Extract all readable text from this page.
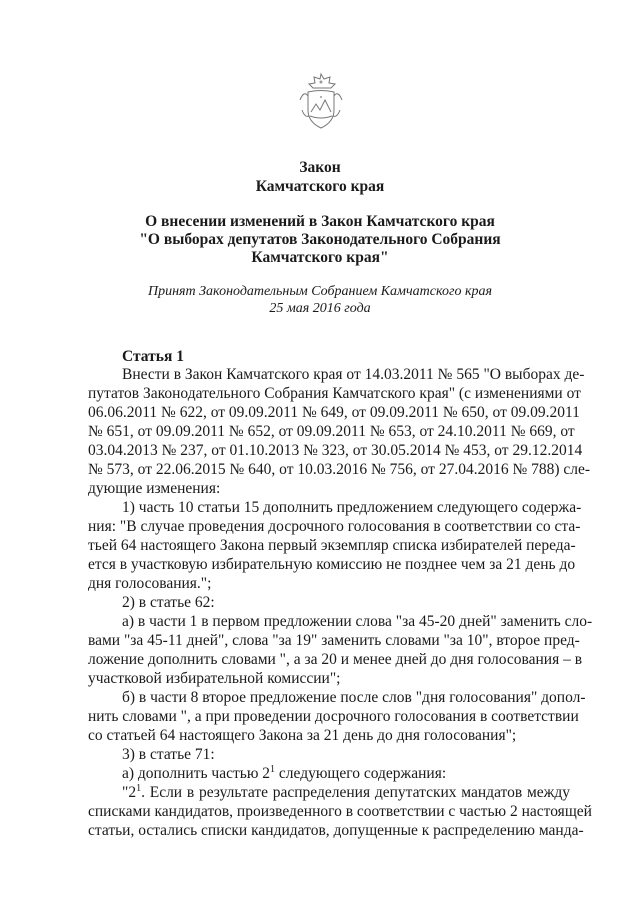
Закон
Камчатского края
О внесении изменений в Закон Камчатского края
"О выборах депутатов Законодательного Собрания
Камчатского края"
Принят Законодательным Собранием Камчатского края
25 мая 2016 года
Статья 1
Внести в Закон Камчатского края от 14.03.2011 № 565 "О выборах де-
путатов Законодательного Собрания Камчатского края" (с изменениями от
06.06.2011 № 622, от 09.09.2011 № 649, от 09.09.2011 № 650, от 09.09.2011
№ 651, от 09.09.2011 № 652, от 09.09.2011 № 653, от 24.10.2011 № 669, от
03.04.2013 № 237, от 01.10.2013 № 323, от 30.05.2014 № 453, от 29.12.2014
№ 573, от 22.06.2015 № 640, от 10.03.2016 № 756, от 27.04.2016 № 788) сле-
дующие изменения:
1) часть 10 статьи 15 дополнить предложением следующего содержа-
ния: "В случае проведения досрочного голосования в соответствии со ста-
тьей 64 настоящего Закона первый экземпляр списка избирателей переда-
ется в участковую избирательную комиссию не позднее чем за 21 день до
дня голосования.";
2) в статье 62:
а) в части 1 в первом предложении слова "за 45-20 дней" заменить сло-
вами "за 45-11 дней", слова "за 19" заменить словами "за 10", второе пред-
ложение дополнить словами ", а за 20 и менее дней до дня голосования – в
участковой избирательной комиссии";
б) в части 8 второе предложение после слов "дня голосования" допол-
нить словами ", а при проведении досрочного голосования в соответствии
со статьей 64 настоящего Закона за 21 день до дня голосования";
3) в статье 71:
а) дополнить частью $2^1$ следующего содержания:
"$2^1$. Если в результате распределения депутатских мандатов между
списками кандидатов, произведенного в соответствии с частью 2 настоящей
статьи, остались списки кандидатов, допущенные к распределению манда-
